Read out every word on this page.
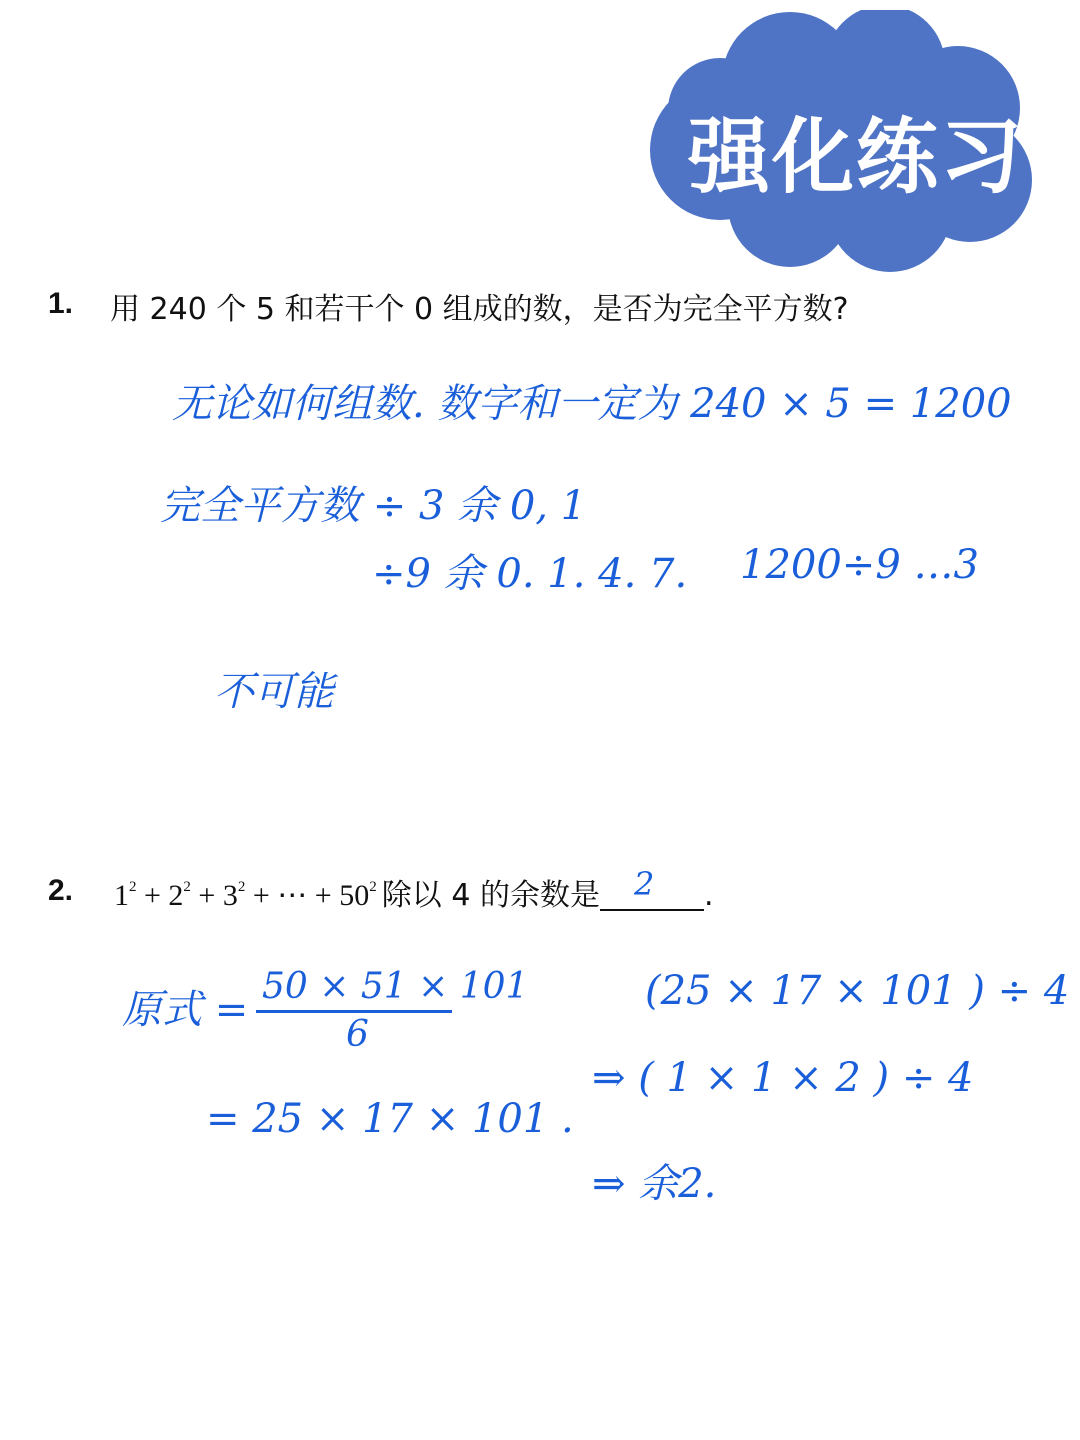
强化练习
1. 用 240 个 5 和若干个 0 组成的数，是否为完全平方数?
无论如何组数. 数字和一定为 240 × 5 = 1200
完全平方数 ÷ 3 余 0, 1
÷9 余 0. 1. 4. 7. 1200÷9 …3
不可能
2. $1^2 + 2^2 + 3^2$ + ⋯ + $50^2$ 除以 4 的余数是 2 .
原式 =
50 × 51 × 101
6
= 25 × 17 × 101 .
(25 × 17 × 101 ) ÷ 4
⇒ ( 1 × 1 × 2 ) ÷ 4
⇒ 余2.
